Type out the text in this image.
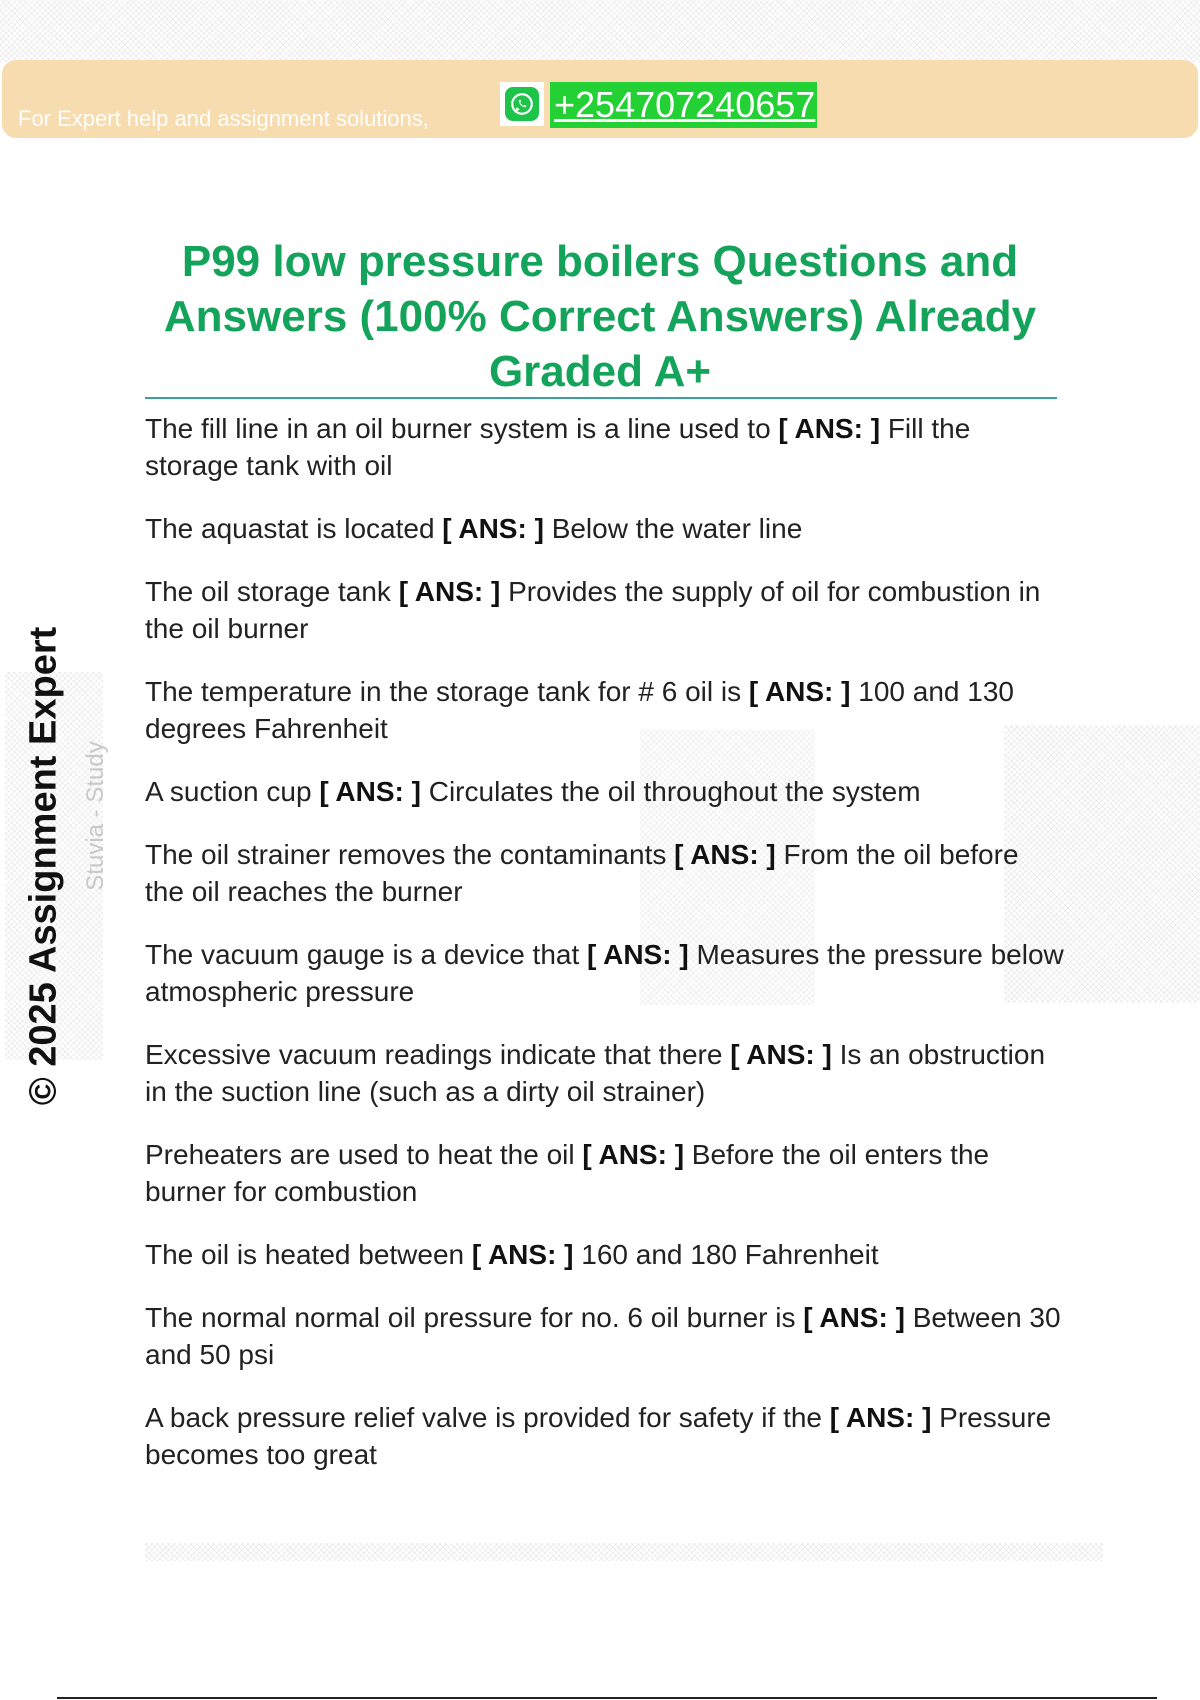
For Expert help and assignment solutions,	+254707240657
P99 low pressure boilers Questions and Answers (100% Correct Answers) Already Graded A+
Stuvia - Study
© 2025 Assignment Expert

The fill line in an oil burner system is a line used to [ ANS: ] Fill the storage tank with oil

The aquastat is located [ ANS: ] Below the water line

The oil storage tank [ ANS: ] Provides the supply of oil for combustion in the oil burner

The temperature in the storage tank for # 6 oil is [ ANS: ] 100 and 130 degrees Fahrenheit

A suction cup [ ANS: ] Circulates the oil throughout the system

The oil strainer removes the contaminants [ ANS: ] From the oil before the oil reaches the burner

The vacuum gauge is a device that [ ANS: ] Measures the pressure below atmospheric pressure

Excessive vacuum readings indicate that there [ ANS: ] Is an obstruction in the suction line (such as a dirty oil strainer)

Preheaters are used to heat the oil [ ANS: ] Before the oil enters the burner for combustion

The oil is heated between [ ANS: ] 160 and 180 Fahrenheit

The normal normal oil pressure for no. 6 oil burner is [ ANS: ] Between 30 and 50 psi

A back pressure relief valve is provided for safety if the [ ANS: ] Pressure becomes too great
